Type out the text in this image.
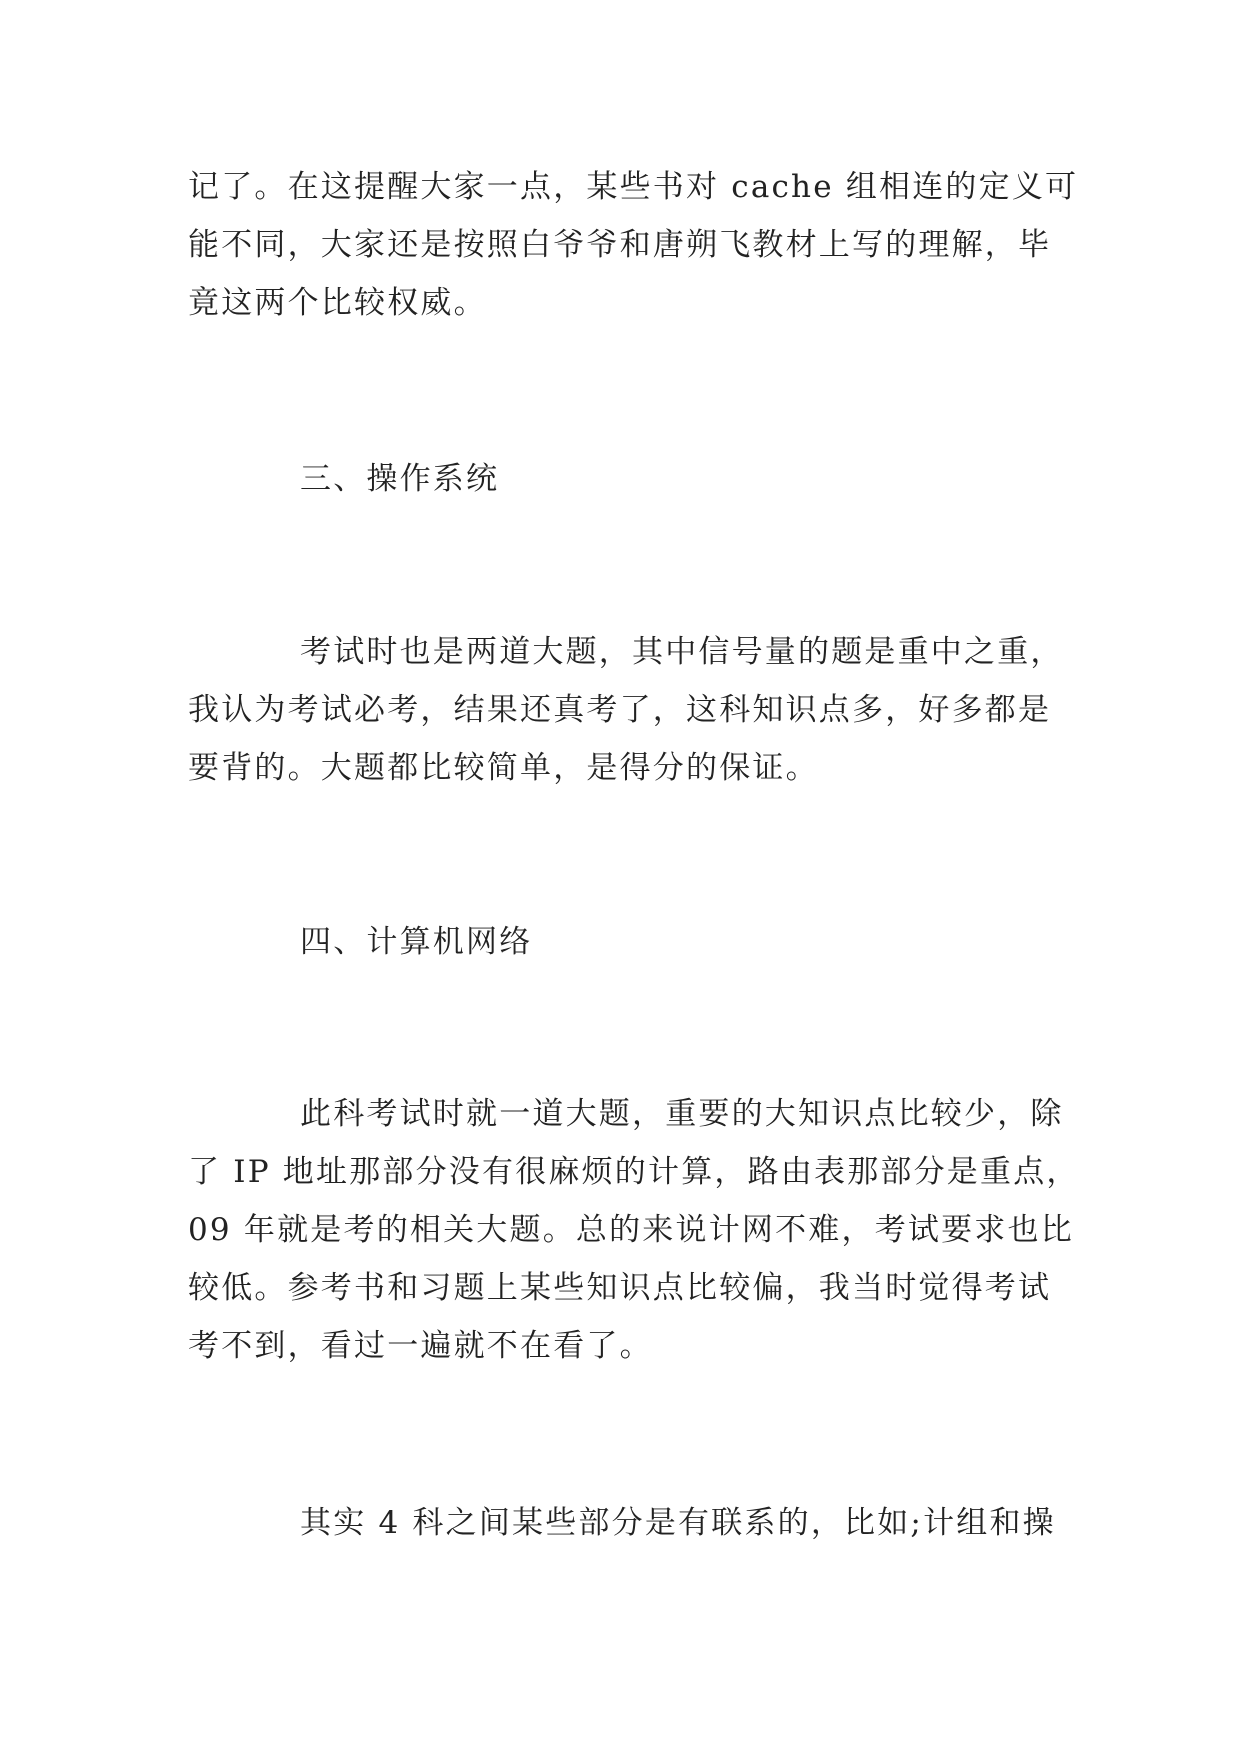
记了。在这提醒大家一点，某些书对 cache 组相连的定义可
能不同，大家还是按照白爷爷和唐朔飞教材上写的理解，毕
竟这两个比较权威。
三、操作系统
考试时也是两道大题，其中信号量的题是重中之重，
我认为考试必考，结果还真考了，这科知识点多，好多都是
要背的。大题都比较简单，是得分的保证。
四、计算机网络
此科考试时就一道大题，重要的大知识点比较少，除
了 IP 地址那部分没有很麻烦的计算，路由表那部分是重点，
09 年就是考的相关大题。总的来说计网不难，考试要求也比
较低。参考书和习题上某些知识点比较偏，我当时觉得考试
考不到，看过一遍就不在看了。
其实 4 科之间某些部分是有联系的，比如;计组和操
